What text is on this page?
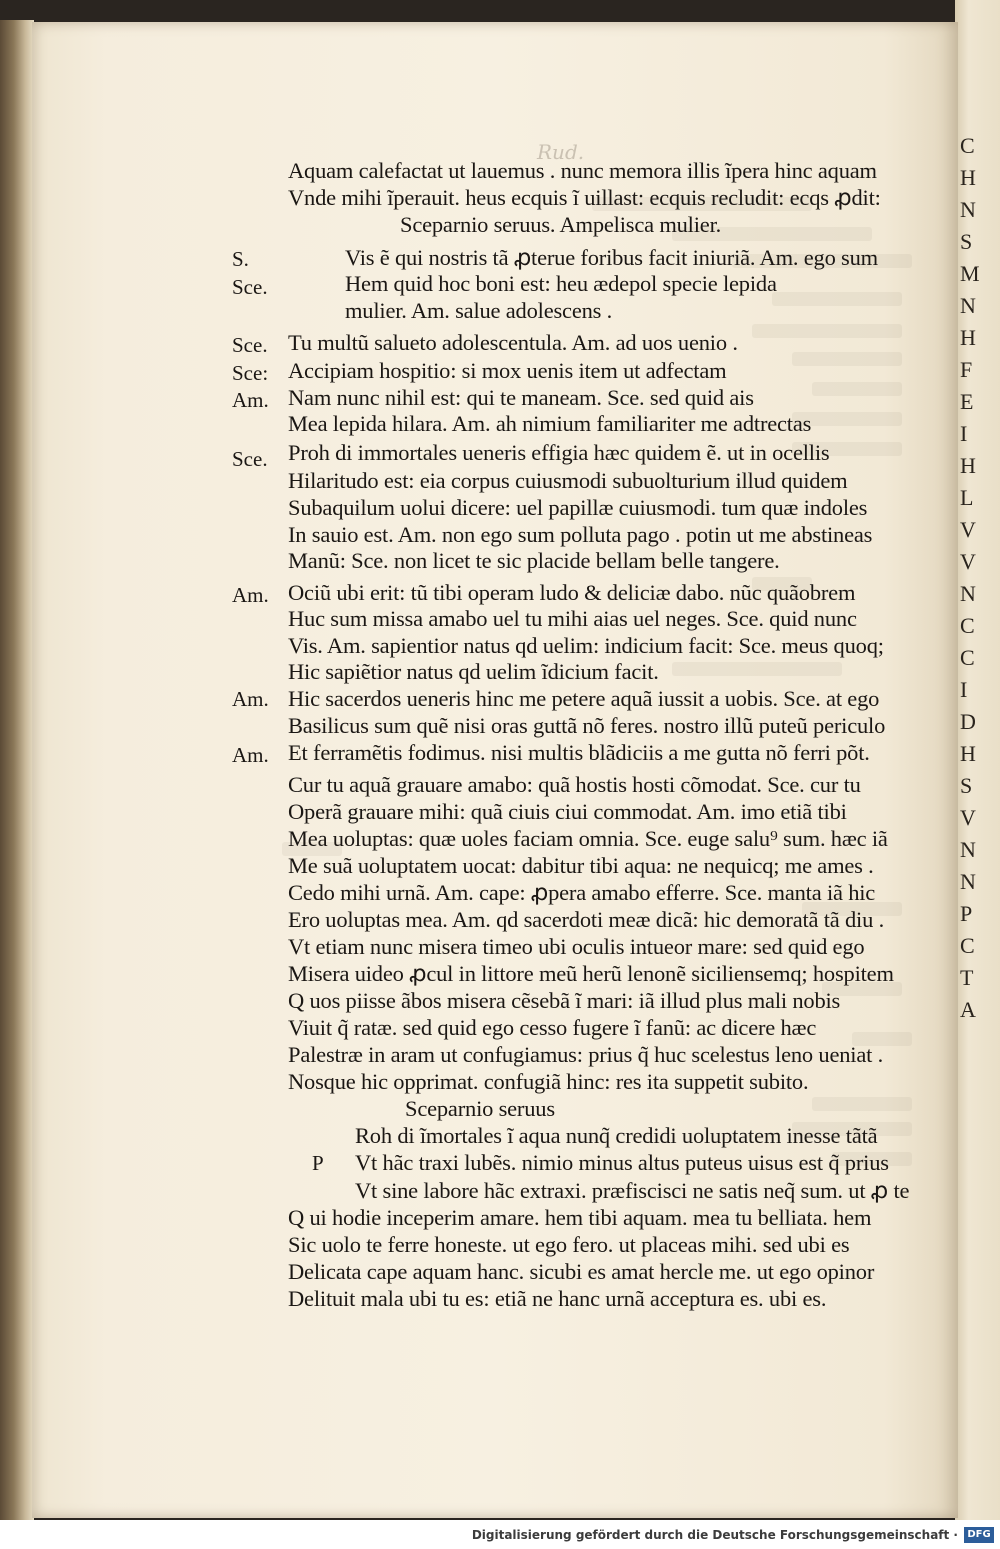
C
H
N
S
M
N
H
F
E
I
H
L
V
V
N
C
C
I
D
H
S
V
N
N
P
C
T
A
Rud.
Aquam calefactat ut lauemus . nunc memora illis ĩpera hinc aquam
Vnde mihi ĩperauit. heus ecquis ĩ uillast: ecquis recludit: ecqs ꝓdit:
Sceparnio seruus. Ampelisca mulier.
Vis ẽ qui nostris tã ꝓterue foribus facit iniuriã. Am. ego sum
Hem quid hoc boni est: heu ædepol specie lepida
mulier. Am. salue adolescens .
Tu multũ salueto adolescentula. Am. ad uos uenio .
Accipiam hospitio: si mox uenis item ut adfectam
Nam nunc nihil est: qui te maneam. Sce. sed quid ais
Mea lepida hilara. Am. ah nimium familiariter me adtrectas
Proh di immortales ueneris effigia hæc quidem ẽ. ut in ocellis
Hilaritudo est: eia corpus cuiusmodi subuolturium illud quidem
Subaquilum uolui dicere: uel papillæ cuiusmodi. tum quæ indoles
In sauio est. Am. non ego sum polluta pago . potin ut me abstineas
Manũ: Sce. non licet te sic placide bellam belle tangere.
Ociũ ubi erit: tũ tibi operam ludo & deliciæ dabo. nũc quãobrem
Huc sum missa amabo uel tu mihi aias uel neges. Sce. quid nunc
Vis. Am. sapientior natus qd uelim: indicium facit: Sce. meus quoq;
Hic sapiẽtior natus qd uelim ĩdicium facit.
Hic sacerdos ueneris hinc me petere aquã iussit a uobis. Sce. at ego
Basilicus sum quẽ nisi oras guttã nõ feres. nostro illũ puteũ periculo
Et ferramẽtis fodimus. nisi multis blãdiciis a me gutta nõ ferri põt.
Cur tu aquã grauare amabo: quã hostis hosti cõmodat. Sce. cur tu
Operã grauare mihi: quã ciuis ciui commodat. Am. imo etiã tibi
Mea uoluptas: quæ uoles faciam omnia. Sce. euge salu⁹ sum. hæc iã
Me suã uoluptatem uocat: dabitur tibi aqua: ne nequicq; me ames .
Cedo mihi urnã. Am. cape: ꝓpera amabo efferre. Sce. manta iã hic
Ero uoluptas mea. Am. qd sacerdoti meæ dicã: hic demoratã tã diu .
Vt etiam nunc misera timeo ubi oculis intueor mare: sed quid ego
Misera uideo ꝓcul in littore meũ herũ lenonẽ siciliensemq; hospitem
Q uos piisse ãbos misera cẽsebã ĩ mari: iã illud plus mali nobis
Viuit q̃ ratæ. sed quid ego cesso fugere ĩ fanũ: ac dicere hæc
Palestræ in aram ut confugiamus: prius q̃ huc scelestus leno ueniat .
Nosque hic opprimat. confugiã hinc: res ita suppetit subito.
Sceparnio seruus
Roh di ĩmortales ĩ aqua nunq̃ credidi uoluptatem inesse tãtã
Vt hãc traxi lubẽs. nimio minus altus puteus uisus est q̃ prius
Vt sine labore hãc extraxi. præfiscisci ne satis neq̃ sum. ut ꝓ te
Q ui hodie inceperim amare. hem tibi aquam. mea tu belliata. hem
Sic uolo te ferre honeste. ut ego fero. ut placeas mihi. sed ubi es
Delicata cape aquam hanc. sicubi es amat hercle me. ut ego opinor
Delituit mala ubi tu es: etiã ne hanc urnã acceptura es. ubi es.
S.
Sce.
Sce.
Sce:
Am.
Sce.
Am.
Am.
Am.
P
Digitalisierung gefördert durch die Deutsche Forschungsgemeinschaft · DFG
